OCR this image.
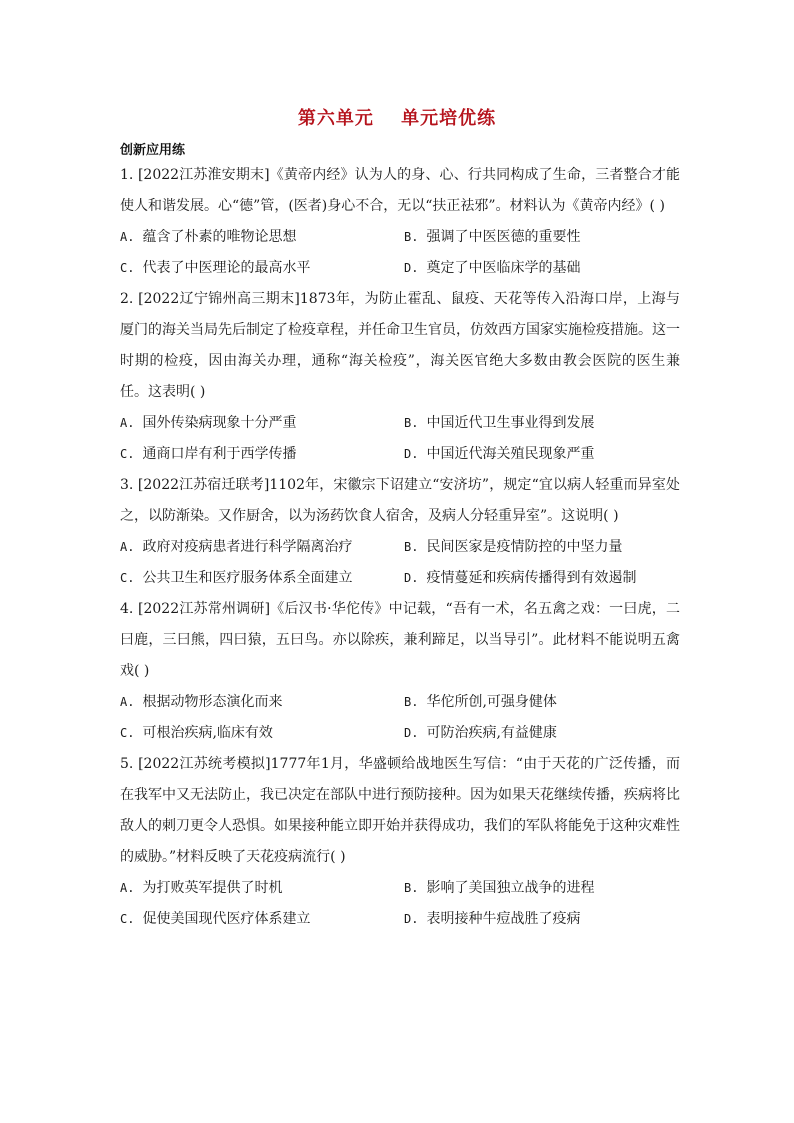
第六单元 单元培优练
创新应用练

1. [2022江苏淮安期末]《黄帝内经》认为人的身、心、行共同构成了生命，三者整合才能使人和谐发展。心“德”管，(医者)身心不合，无以“扶正祛邪”。材料认为《黄帝内经》( )

A. 蕴含了朴素的唯物论思想	B. 强调了中医医德的重要性
C. 代表了中医理论的最高水平	D. 奠定了中医临床学的基础

2. [2022辽宁锦州高三期末]1873年，为防止霍乱、鼠疫、天花等传入沿海口岸，上海与厦门的海关当局先后制定了检疫章程，并任命卫生官员，仿效西方国家实施检疫措施。这一时期的检疫，因由海关办理，通称“海关检疫”，海关医官绝大多数由教会医院的医生兼任。这表明( )

A. 国外传染病现象十分严重	B. 中国近代卫生事业得到发展
C. 通商口岸有利于西学传播	D. 中国近代海关殖民现象严重

3. [2022江苏宿迁联考]1102年，宋徽宗下诏建立“安济坊”，规定“宜以病人轻重而异室处之，以防渐染。又作厨舍，以为汤药饮食人宿舍，及病人分轻重异室”。这说明( )

A. 政府对疫病患者进行科学隔离治疗	B. 民间医家是疫情防控的中坚力量
C. 公共卫生和医疗服务体系全面建立	D. 疫情蔓延和疾病传播得到有效遏制

4. [2022江苏常州调研]《后汉书·华佗传》中记载，“吾有一术，名五禽之戏：一曰虎，二曰鹿，三曰熊，四曰猿，五曰鸟。亦以除疾，兼利蹄足，以当导引”。此材料不能说明五禽戏( )

A. 根据动物形态演化而来	B. 华佗所创,可强身健体
C. 可根治疾病,临床有效	D. 可防治疾病,有益健康

5. [2022江苏统考模拟]1777年1月，华盛顿给战地医生写信：“由于天花的广泛传播，而在我军中又无法防止，我已决定在部队中进行预防接种。因为如果天花继续传播，疾病将比敌人的刺刀更令人恐惧。如果接种能立即开始并获得成功，我们的军队将能免于这种灾难性的威胁。”材料反映了天花疫病流行( )

A. 为打败英军提供了时机	B. 影响了美国独立战争的进程
C. 促使美国现代医疗体系建立	D. 表明接种牛痘战胜了疫病
